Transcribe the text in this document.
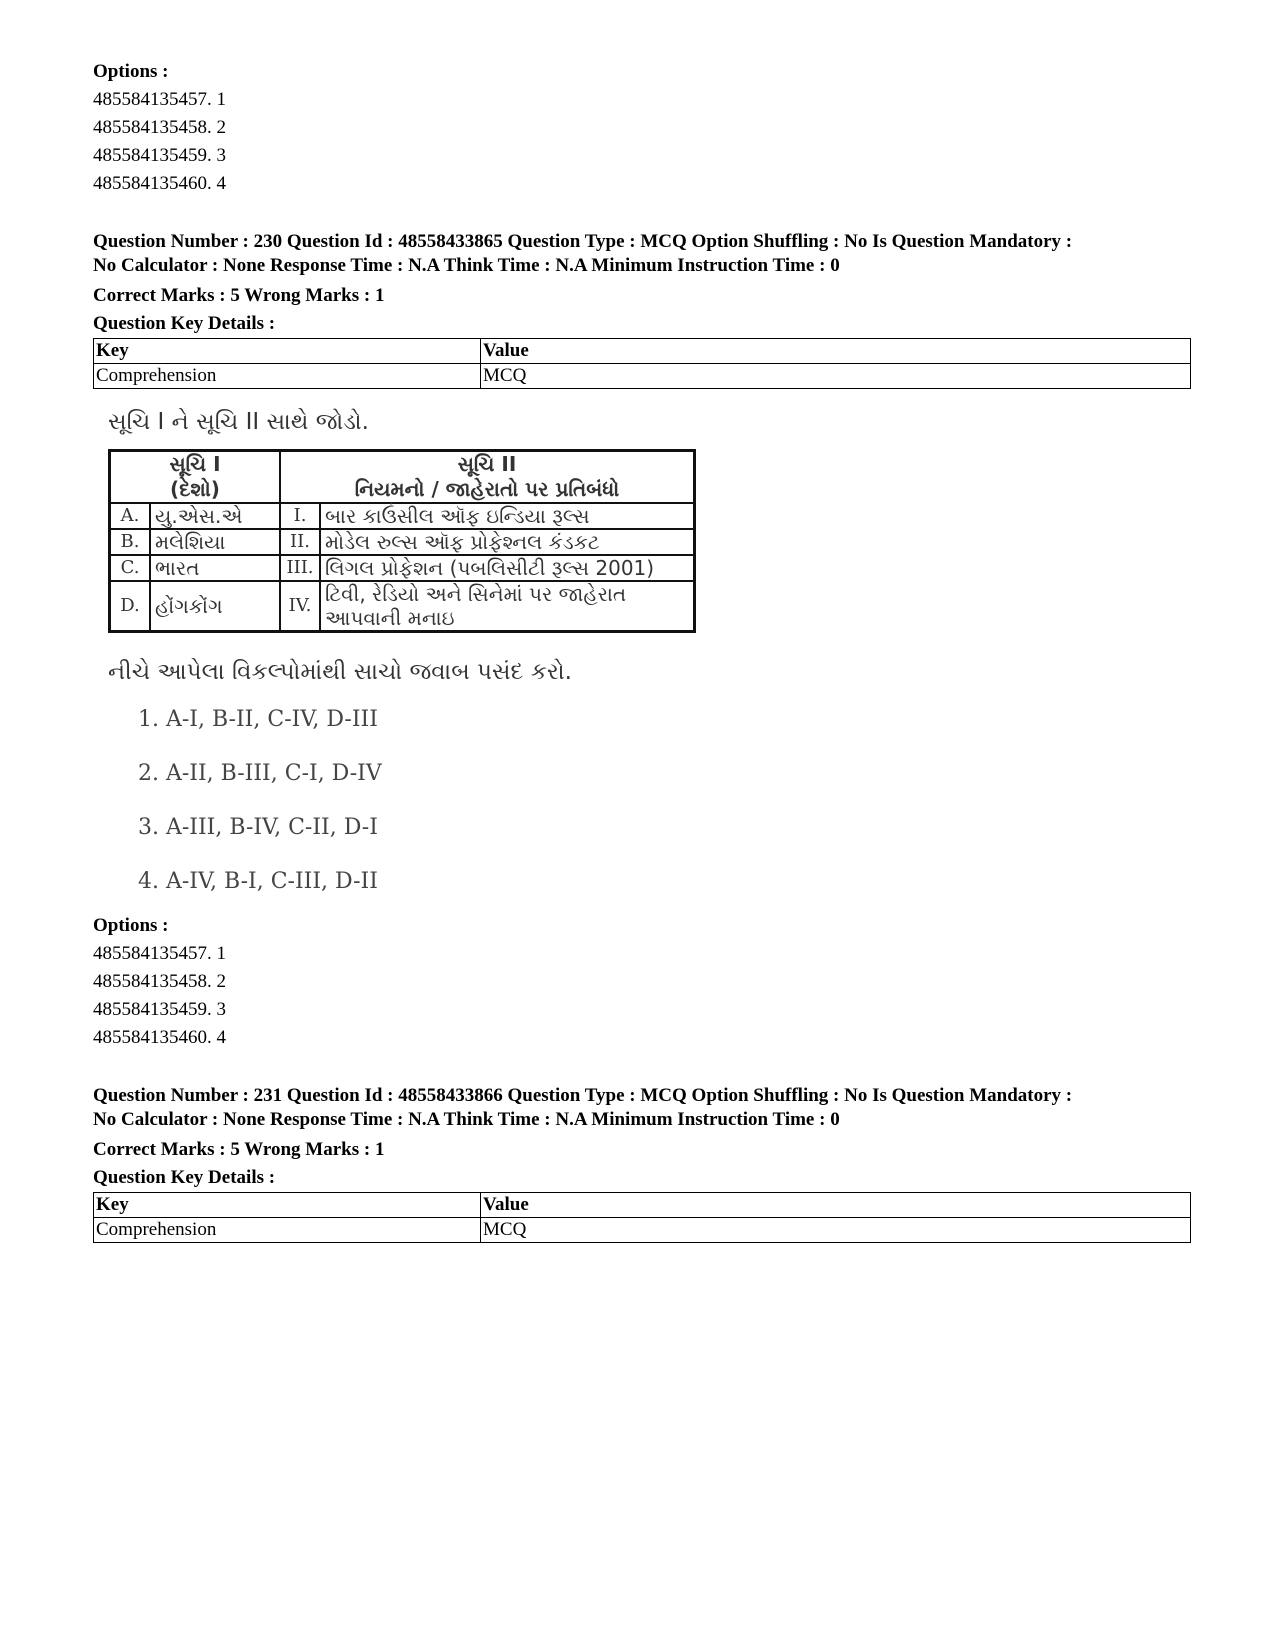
Options :

485584135457. 1

485584135458. 2

485584135459. 3

485584135460. 4

Question Number : 230 Question Id : 48558433865 Question Type : MCQ Option Shuffling : No Is Question Mandatory :

No Calculator : None Response Time : N.A Think Time : N.A Minimum Instruction Time : 0

Correct Marks : 5 Wrong Marks : 1

Question Key Details :

Key	Value
Comprehension	MCQ

સૂચિ I ને સૂચિ II સાથે જોડો.

સૂચિ I
(દેશો)		સૂચિ II
નિયમનો / જાહેરાતો પર પ્રતિબંધો	
A.	યુ.એસ.એ	I.	બાર કાઉંસીલ ઑફ ઇન્ડિયા રૂલ્સ
B.	મલેશિયા	II.	મોડેલ રુલ્સ ઑફ પ્રોફેશ્નલ કંડકટ
C.	ભારત	III.	લિગલ પ્રોફેશન (પબલિસીટી રૂલ્સ 2001)
D.	હોંગકોંગ	IV.	ટિવી, રેડિયો અને સિનેમાં પર જાહેરાત આપવાની મનાઇ

નીચે આપેલા વિકલ્પોમાંથી સાચો જવાબ પસંદ કરો.

1. A-I, B-II, C-IV, D-III

2. A-II, B-III, C-I, D-IV

3. A-III, B-IV, C-II, D-I

4. A-IV, B-I, C-III, D-II

Options :

485584135457. 1

485584135458. 2

485584135459. 3

485584135460. 4

Question Number : 231 Question Id : 48558433866 Question Type : MCQ Option Shuffling : No Is Question Mandatory :

No Calculator : None Response Time : N.A Think Time : N.A Minimum Instruction Time : 0

Correct Marks : 5 Wrong Marks : 1

Question Key Details :

Key	Value
Comprehension	MCQ
